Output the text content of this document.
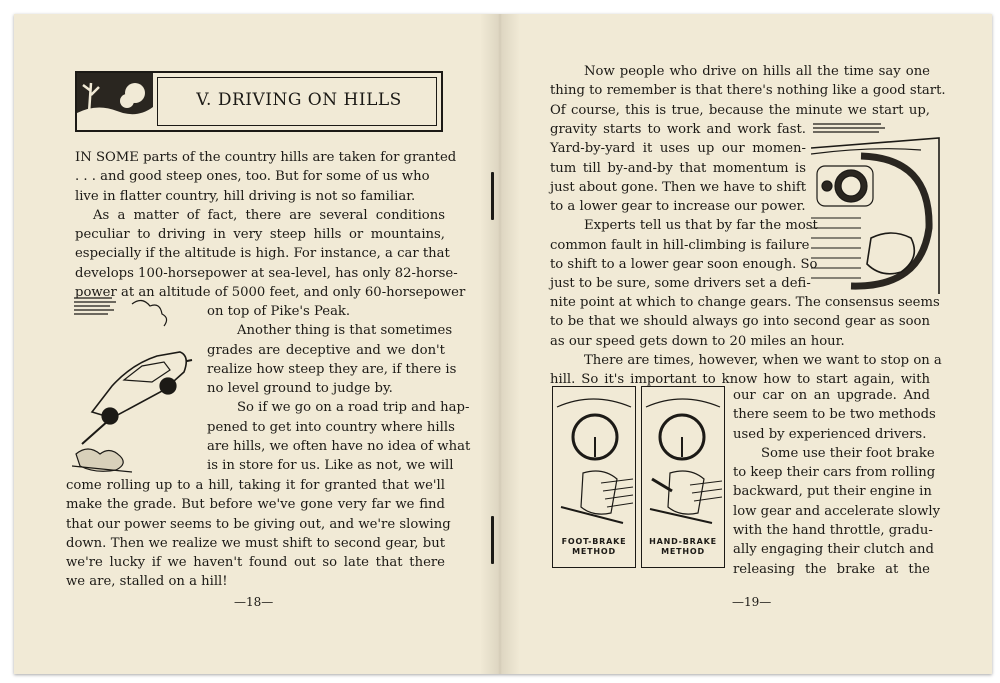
V. DRIVING ON HILLS
IN SOME parts of the country hills are taken for granted
. . . and good steep ones, too. But for some of us who
live in flatter country, hill driving is not so familiar.
As a matter of fact, there are several conditions
peculiar to driving in very steep hills or mountains,
especially if the altitude is high. For instance, a car that
develops 100-horsepower at sea-level, has only 82-horse-
power at an altitude of 5000 feet, and only 60-horsepower
on top of Pike's Peak.
Another thing is that sometimes
grades are deceptive and we don't
realize how steep they are, if there is
no level ground to judge by.
So if we go on a road trip and hap-
pened to get into country where hills
are hills, we often have no idea of what
is in store for us. Like as not, we will
come rolling up to a hill, taking it for granted that we'll
make the grade. But before we've gone very far we find
that our power seems to be giving out, and we're slowing
down. Then we realize we must shift to second gear, but
we're lucky if we haven't found out so late that there
we are, stalled on a hill!
—18—
Now people who drive on hills all the time say one
thing to remember is that there's nothing like a good start.
Of course, this is true, because the minute we start up,
gravity starts to work and work fast.
Yard-by-yard it uses up our momen-
tum till by-and-by that momentum is
just about gone. Then we have to shift
to a lower gear to increase our power.
Experts tell us that by far the most
common fault in hill-climbing is failure
to shift to a lower gear soon enough. So
just to be sure, some drivers set a defi-
nite point at which to change gears. The consensus seems
to be that we should always go into second gear as soon
as our speed gets down to 20 miles an hour.
There are times, however, when we want to stop on a
hill. So it's important to know how to start again, with
FOOT-BRAKE
METHOD
HAND-BRAKE
METHOD
our car on an upgrade. And
there seem to be two methods
used by experienced drivers.
Some use their foot brake
to keep their cars from rolling
backward, put their engine in
low gear and accelerate slowly
with the hand throttle, gradu-
ally engaging their clutch and
releasing the brake at the
—19—
